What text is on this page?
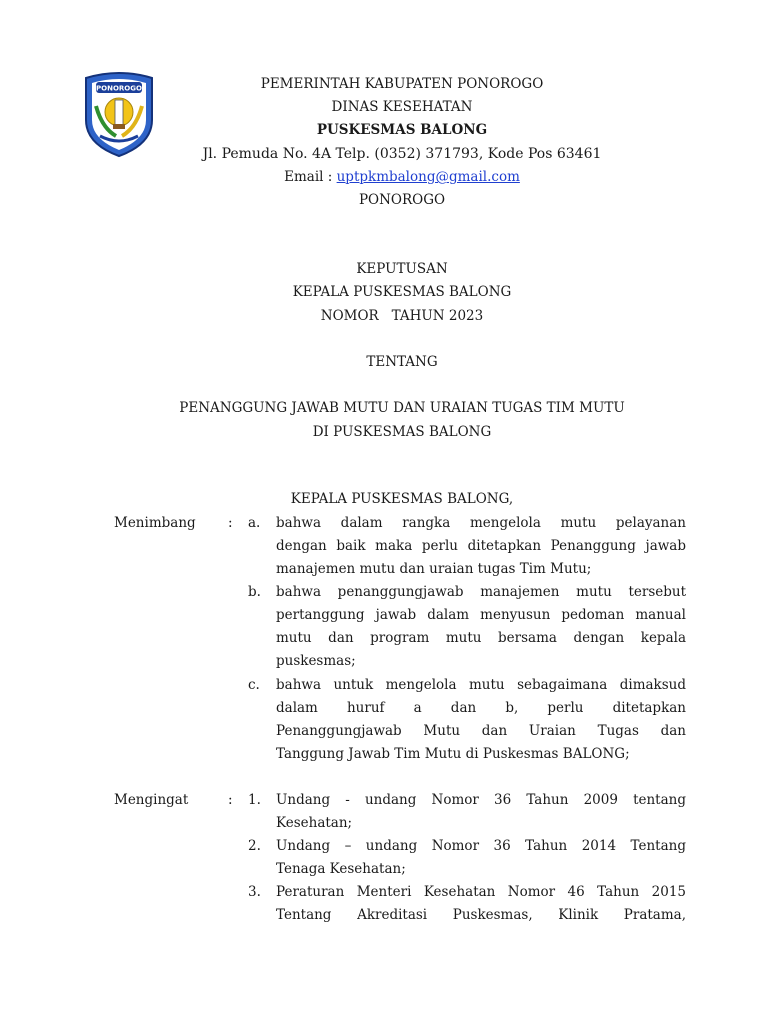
PONOROGO	PEMERINTAH KABUPATEN PONOROGO
DINAS KESEHATAN
PUSKESMAS BALONG
Jl. Pemuda No. 4A Telp. (0352) 371793, Kode Pos 63461
Email : uptpkmbalong@gmail.com
PONOROGO
KEPUTUSAN
KEPALA PUSKESMAS BALONG
NOMOR   TAHUN 2023
TENTANG
PENANGGUNG JAWAB MUTU DAN URAIAN TUGAS TIM MUTU
DI PUSKESMAS BALONG
KEPALA PUSKESMAS BALONG,
Menimbang : a. bahwa dalam rangka mengelola mutu pelayanan
dengan baik maka perlu ditetapkan Penanggung jawab
manajemen mutu dan uraian tugas Tim Mutu;
b. bahwa penanggungjawab manajemen mutu tersebut
pertanggung jawab dalam menyusun pedoman manual
mutu dan program mutu bersama dengan kepala
puskesmas;
c. bahwa untuk mengelola mutu sebagaimana dimaksud
dalam huruf a dan b, perlu ditetapkan
Penanggungjawab Mutu dan Uraian Tugas dan
Tanggung Jawab Tim Mutu di Puskesmas BALONG;
Mengingat	: 1. Undang - undang Nomor 36 Tahun 2009 tentang
Kesehatan;
2. Undang – undang Nomor 36 Tahun 2014 Tentang
Tenaga Kesehatan;
3. Peraturan Menteri Kesehatan Nomor 46 Tahun 2015
Tentang Akreditasi Puskesmas, Klinik Pratama,
